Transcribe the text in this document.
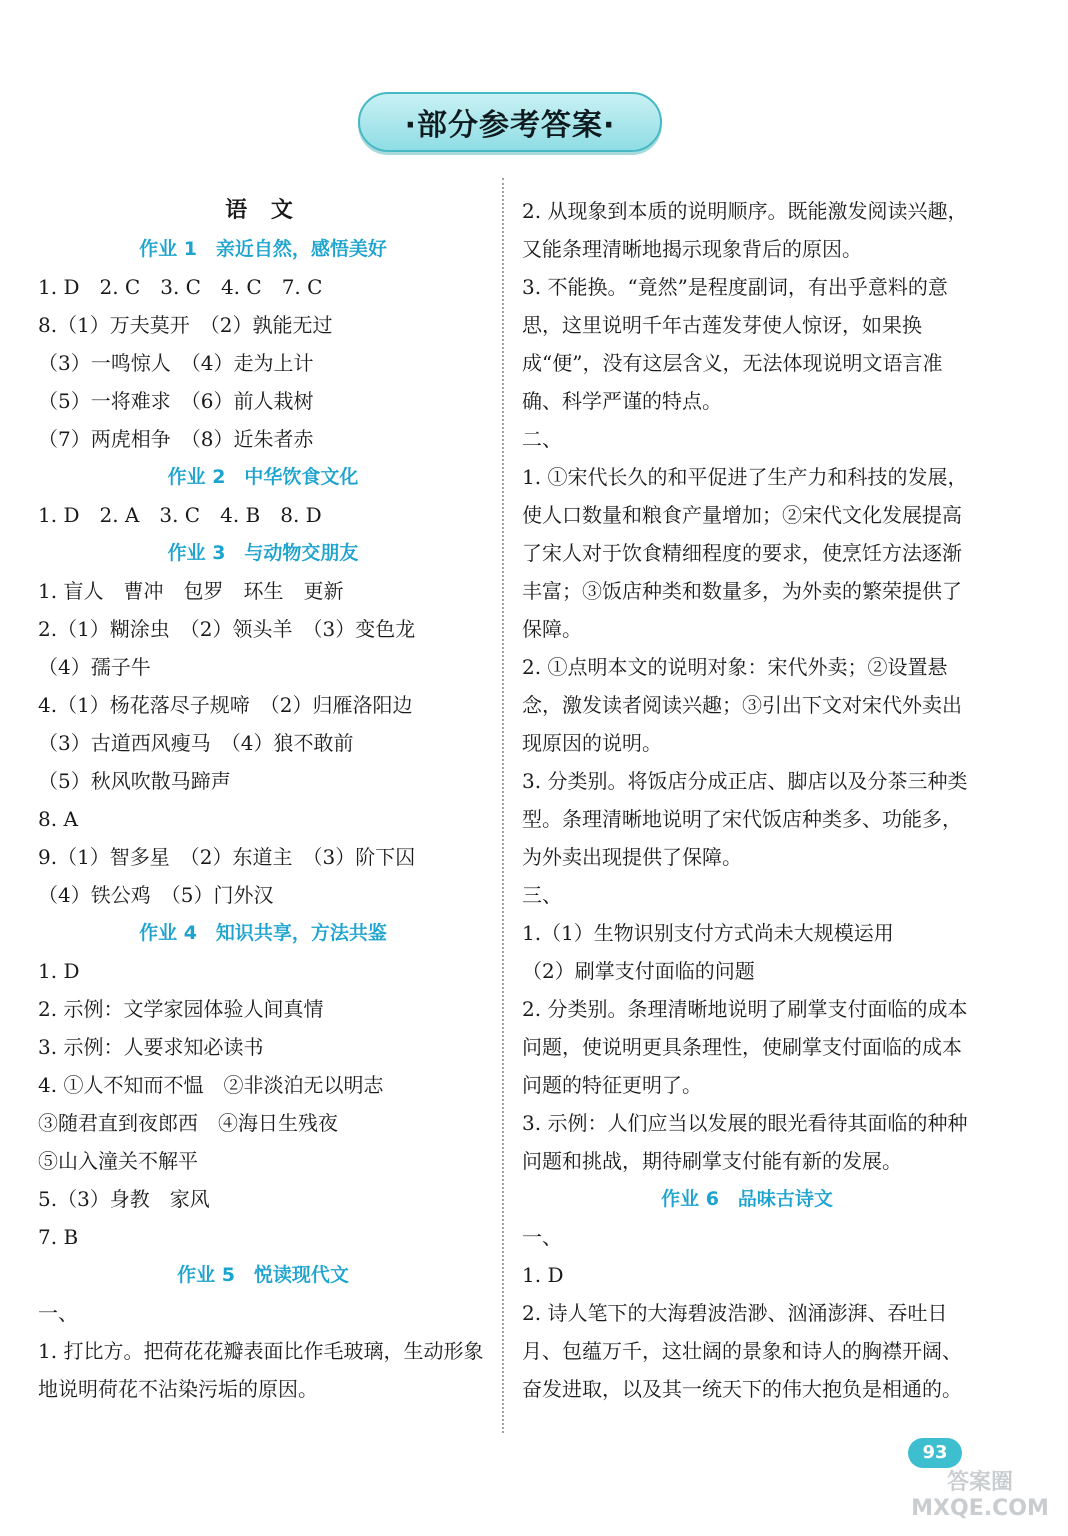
·部分参考答案·
语 文
作业 1　亲近自然，感悟美好
1. D　2. C　3. C　4. C　7. C
8.（1）万夫莫开　（2）孰能无过
（3）一鸣惊人　（4）走为上计
（5）一将难求　（6）前人栽树
（7）两虎相争　（8）近朱者赤
作业 2　中华饮食文化
1. D　2. A　3. C　4. B　8. D
作业 3　与动物交朋友
1. 盲人　曹冲　包罗　环生　更新
2.（1）糊涂虫　（2）领头羊　（3）变色龙
（4）孺子牛
4.（1）杨花落尽子规啼　（2）归雁洛阳边
（3）古道西风瘦马　（4）狼不敢前
（5）秋风吹散马蹄声
8. A
9.（1）智多星　（2）东道主　（3）阶下囚
（4）铁公鸡　（5）门外汉
作业 4　知识共享，方法共鉴
1. D
2. 示例：文学家园体验人间真情
3. 示例：人要求知必读书
4. ①人不知而不愠　②非淡泊无以明志
③随君直到夜郎西　④海日生残夜
⑤山入潼关不解平
5.（3）身教　家风
7. B
作业 5　悦读现代文
一、
1. 打比方。把荷花花瓣表面比作毛玻璃，生动形象地说明荷花不沾染污垢的原因。
2. 从现象到本质的说明顺序。既能激发阅读兴趣，又能条理清晰地揭示现象背后的原因。
3. 不能换。“竟然”是程度副词，有出乎意料的意思，这里说明千年古莲发芽使人惊讶，如果换成“便”，没有这层含义，无法体现说明文语言准确、科学严谨的特点。
二、
1. ①宋代长久的和平促进了生产力和科技的发展，使人口数量和粮食产量增加；②宋代文化发展提高了宋人对于饮食精细程度的要求，使烹饪方法逐渐丰富；③饭店种类和数量多，为外卖的繁荣提供了保障。
2. ①点明本文的说明对象：宋代外卖；②设置悬念，激发读者阅读兴趣；③引出下文对宋代外卖出现原因的说明。
3. 分类别。将饭店分成正店、脚店以及分茶三种类型。条理清晰地说明了宋代饭店种类多、功能多，为外卖出现提供了保障。
三、
1.（1）生物识别支付方式尚未大规模运用
（2）刷掌支付面临的问题
2. 分类别。条理清晰地说明了刷掌支付面临的成本问题，使说明更具条理性，使刷掌支付面临的成本问题的特征更明了。
3. 示例：人们应当以发展的眼光看待其面临的种种问题和挑战，期待刷掌支付能有新的发展。
作业 6　品味古诗文
一、
1. D
2. 诗人笔下的大海碧波浩渺、汹涌澎湃、吞吐日月、包蕴万千，这壮阔的景象和诗人的胸襟开阔、奋发进取，以及其一统天下的伟大抱负是相通的。
93
答案圈 MXQE.COM
